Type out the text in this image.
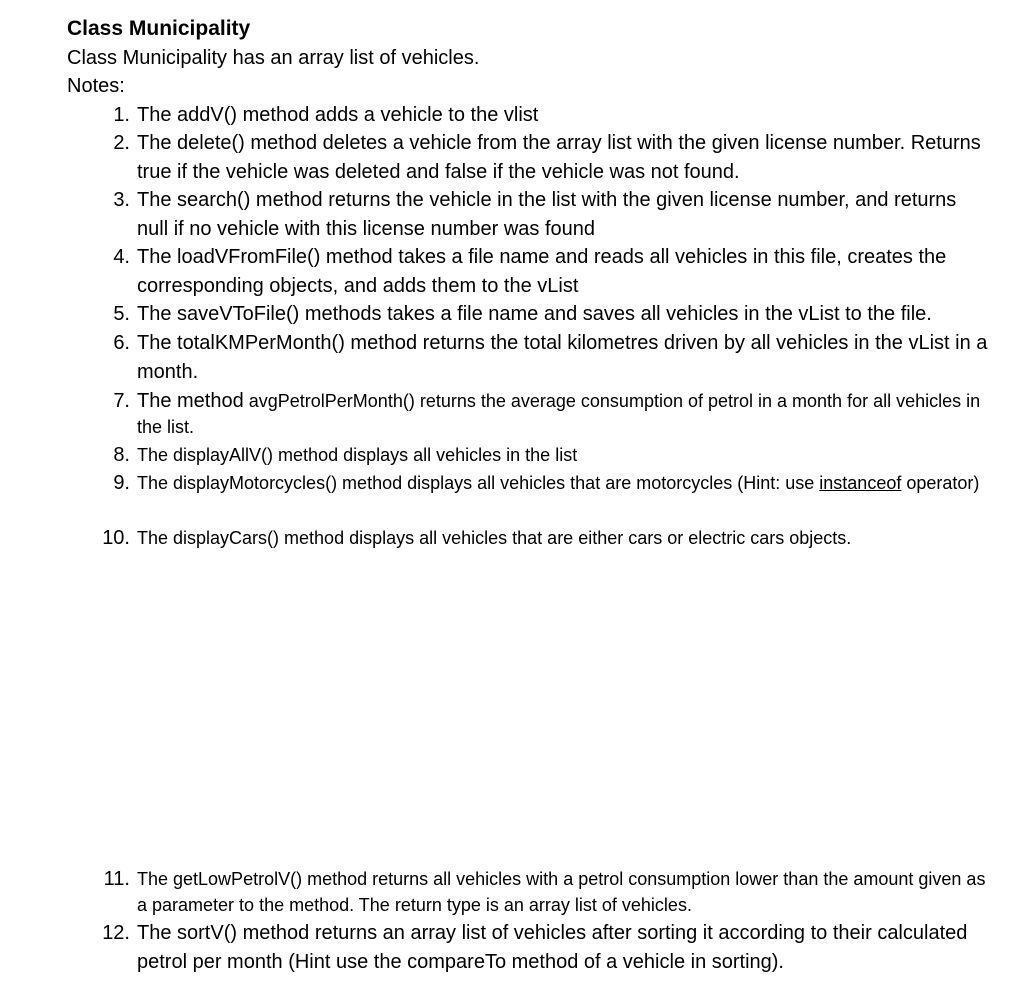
Class Municipality
Class Municipality has an array list of vehicles.
Notes:
1. The addV() method adds a vehicle to the vlist
2. The delete() method deletes a vehicle from the array list with the given license number. Returns true if the vehicle was deleted and false if the vehicle was not found.
3. The search() method returns the vehicle in the list with the given license number, and returns null if no vehicle with this license number was found
4. The loadVFromFile() method takes a file name and reads all vehicles in this file, creates the corresponding objects, and adds them to the vList
5. The saveVToFile() methods takes a file name and saves all vehicles in the vList to the file.
6. The totalKMPerMonth() method returns the total kilometres driven by all vehicles in the vList in a month.
7. The method avgPetrolPerMonth() returns the average consumption of petrol in a month for all vehicles in the list.
8. The displayAllV() method displays all vehicles in the list
9. The displayMotorcycles() method displays all vehicles that are motorcycles (Hint: use instanceof operator)
10. The displayCars() method displays all vehicles that are either cars or electric cars objects.
11. The getLowPetrolV() method returns all vehicles with a petrol consumption lower than the amount given as a parameter to the method. The return type is an array list of vehicles.
12. The sortV() method returns an array list of vehicles after sorting it according to their calculated petrol per month (Hint use the compareTo method of a vehicle in sorting).
